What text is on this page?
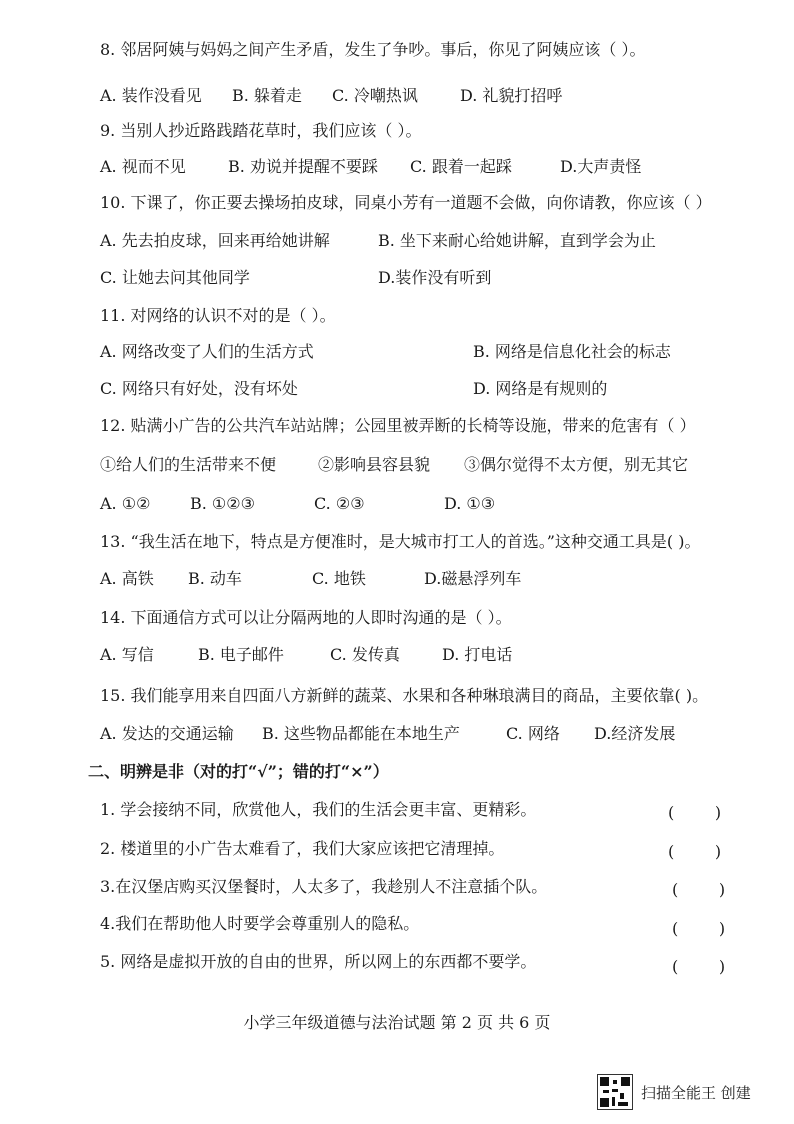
8. 邻居阿姨与妈妈之间产生矛盾，发生了争吵。事后，你见了阿姨应该（ ）。
A. 装作没看见	B. 躲着走	C. 冷嘲热讽	D. 礼貌打招呼
9. 当别人抄近路践踏花草时，我们应该（ ）。
A. 视而不见	B. 劝说并提醒不要踩	C. 跟着一起踩	D.大声责怪
10. 下课了，你正要去操场拍皮球，同桌小芳有一道题不会做，向你请教，你应该（ ）
A. 先去拍皮球，回来再给她讲解	B. 坐下来耐心给她讲解，直到学会为止
C. 让她去问其他同学	D.装作没有听到
11. 对网络的认识不对的是（ ）。
A. 网络改变了人们的生活方式	B. 网络是信息化社会的标志
C. 网络只有好处，没有坏处	D. 网络是有规则的
12. 贴满小广告的公共汽车站站牌；公园里被弄断的长椅等设施，带来的危害有（ ）
①给人们的生活带来不便	②影响县容县貌	③偶尔觉得不太方便，别无其它
A. ①②	B. ①②③	C. ②③	D. ①③
13. “我生活在地下，特点是方便准时，是大城市打工人的首选。”这种交通工具是( )。
A. 高铁	B. 动车	C. 地铁	D.磁悬浮列车
14. 下面通信方式可以让分隔两地的人即时沟通的是（ ）。
A. 写信	B. 电子邮件	C. 发传真	D. 打电话
15. 我们能享用来自四面八方新鲜的蔬菜、水果和各种琳琅满目的商品，主要依靠( )。
A. 发达的交通运输	B. 这些物品都能在本地生产	C. 网络	D.经济发展
二、明辨是非（对的打“√”；错的打“×”）
1. 学会接纳不同，欣赏他人，我们的生活会更丰富、更精彩。	(        )
2. 楼道里的小广告太难看了，我们大家应该把它清理掉。	(        )
3.在汉堡店购买汉堡餐时，人太多了，我趁别人不注意插个队。	(        )
4.我们在帮助他人时要学会尊重别人的隐私。	(        )
5. 网络是虚拟开放的自由的世界，所以网上的东西都不要学。	(        )
小学三年级道德与法治试题 第 2 页 共 6 页
扫描全能王 创建
